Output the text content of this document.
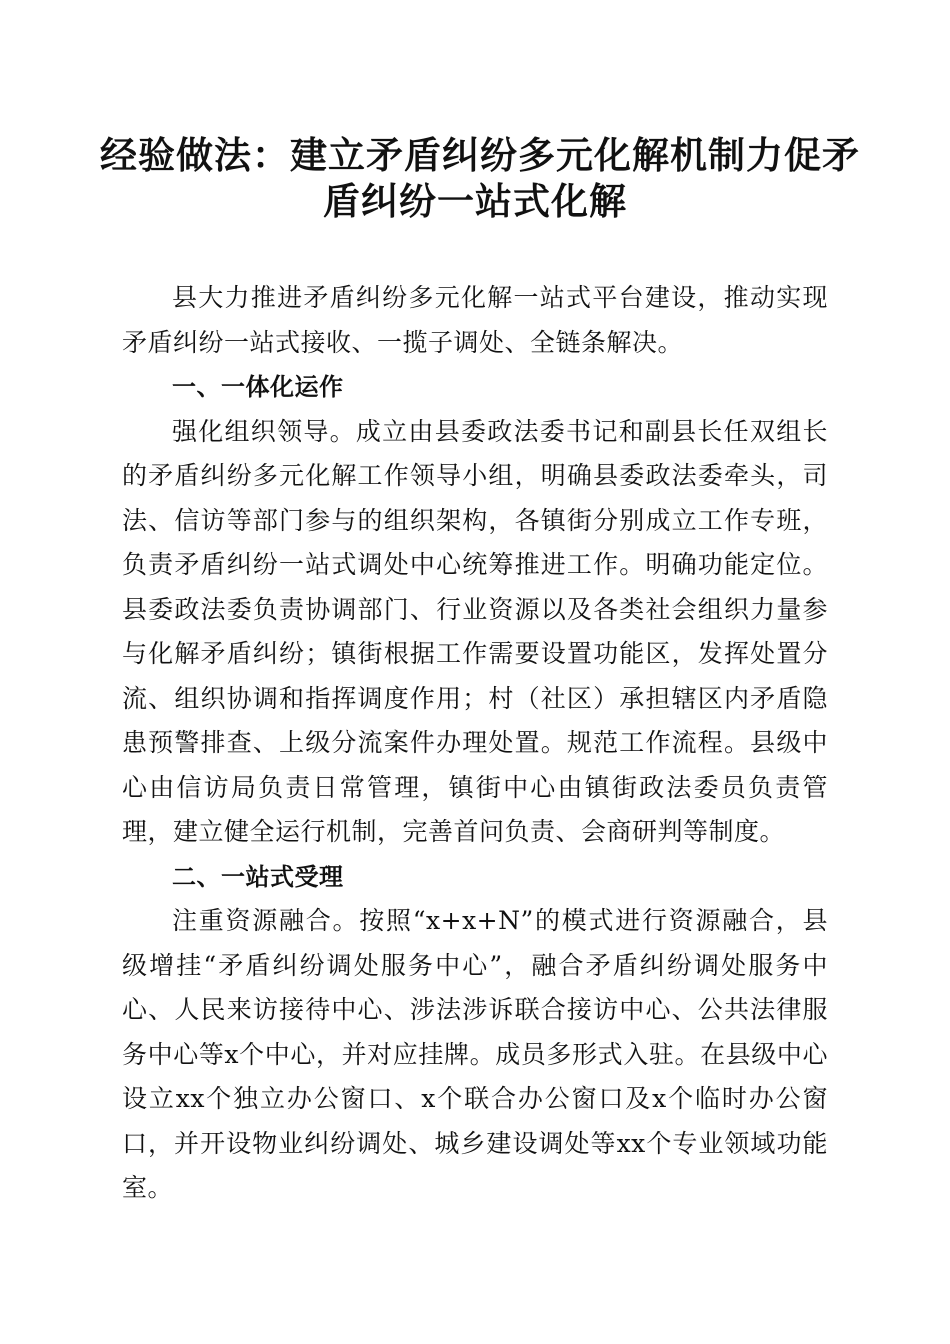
经验做法：建立矛盾纠纷多元化解机制力促矛
盾纠纷一站式化解

县大力推进矛盾纠纷多元化解一站式平台建设，推动实现矛盾纠纷一站式接收、一揽子调处、全链条解决。

一、一体化运作

强化组织领导。成立由县委政法委书记和副县长任双组长的矛盾纠纷多元化解工作领导小组，明确县委政法委牵头，司法、信访等部门参与的组织架构，各镇街分别成立工作专班，负责矛盾纠纷一站式调处中心统筹推进工作。明确功能定位。县委政法委负责协调部门、行业资源以及各类社会组织力量参与化解矛盾纠纷；镇街根据工作需要设置功能区，发挥处置分流、组织协调和指挥调度作用；村（社区）承担辖区内矛盾隐患预警排查、上级分流案件办理处置。规范工作流程。县级中心由信访局负责日常管理，镇街中心由镇街政法委员负责管理，建立健全运行机制，完善首问负责、会商研判等制度。

二、一站式受理

注重资源融合。按照“x+x+N”的模式进行资源融合，县级增挂“矛盾纠纷调处服务中心”，融合矛盾纠纷调处服务中心、人民来访接待中心、涉法涉诉联合接访中心、公共法律服务中心等x个中心，并对应挂牌。成员多形式入驻。在县级中心设立xx个独立办公窗口、x个联合办公窗口及x个临时办公窗口，并开设物业纠纷调处、城乡建设调处等xx个专业领域功能室。
